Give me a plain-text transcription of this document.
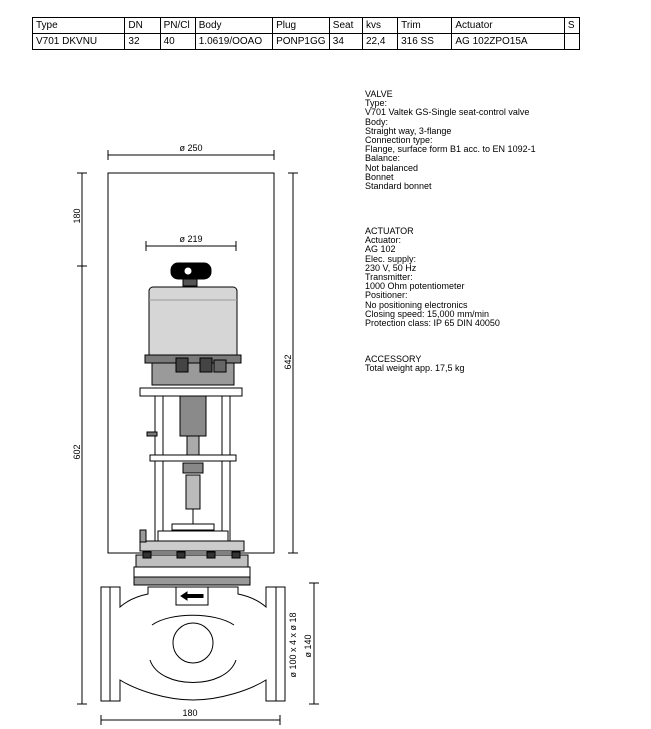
Type	DN	PN/Cl	Body	Plug	Seat	kvs	Trim	Actuator	S
V701 DKVNU	32	40	1.0619/OOAO	PONP1GG	34	22,4	316 SS	AG 102ZPO15A	
ø 250
ø 219
180
602
642
ø 140
ø 100 x 4 x ø 18
180
VALVE
Type:
V701 Valtek GS-Single seat-control valve
Body:
Straight way, 3-flange
Connection type:
Flange, surface form B1 acc. to EN 1092-1
Balance:
Not balanced
Bonnet
Standard bonnet
ACTUATOR
Actuator:
AG 102
Elec. supply:
230 V, 50 Hz
Transmitter:
1000 Ohm potentiometer
Positioner:
No positioning electronics
Closing speed: 15,000 mm/min
Protection class: IP 65 DIN 40050
ACCESSORY
Total weight app. 17,5 kg
